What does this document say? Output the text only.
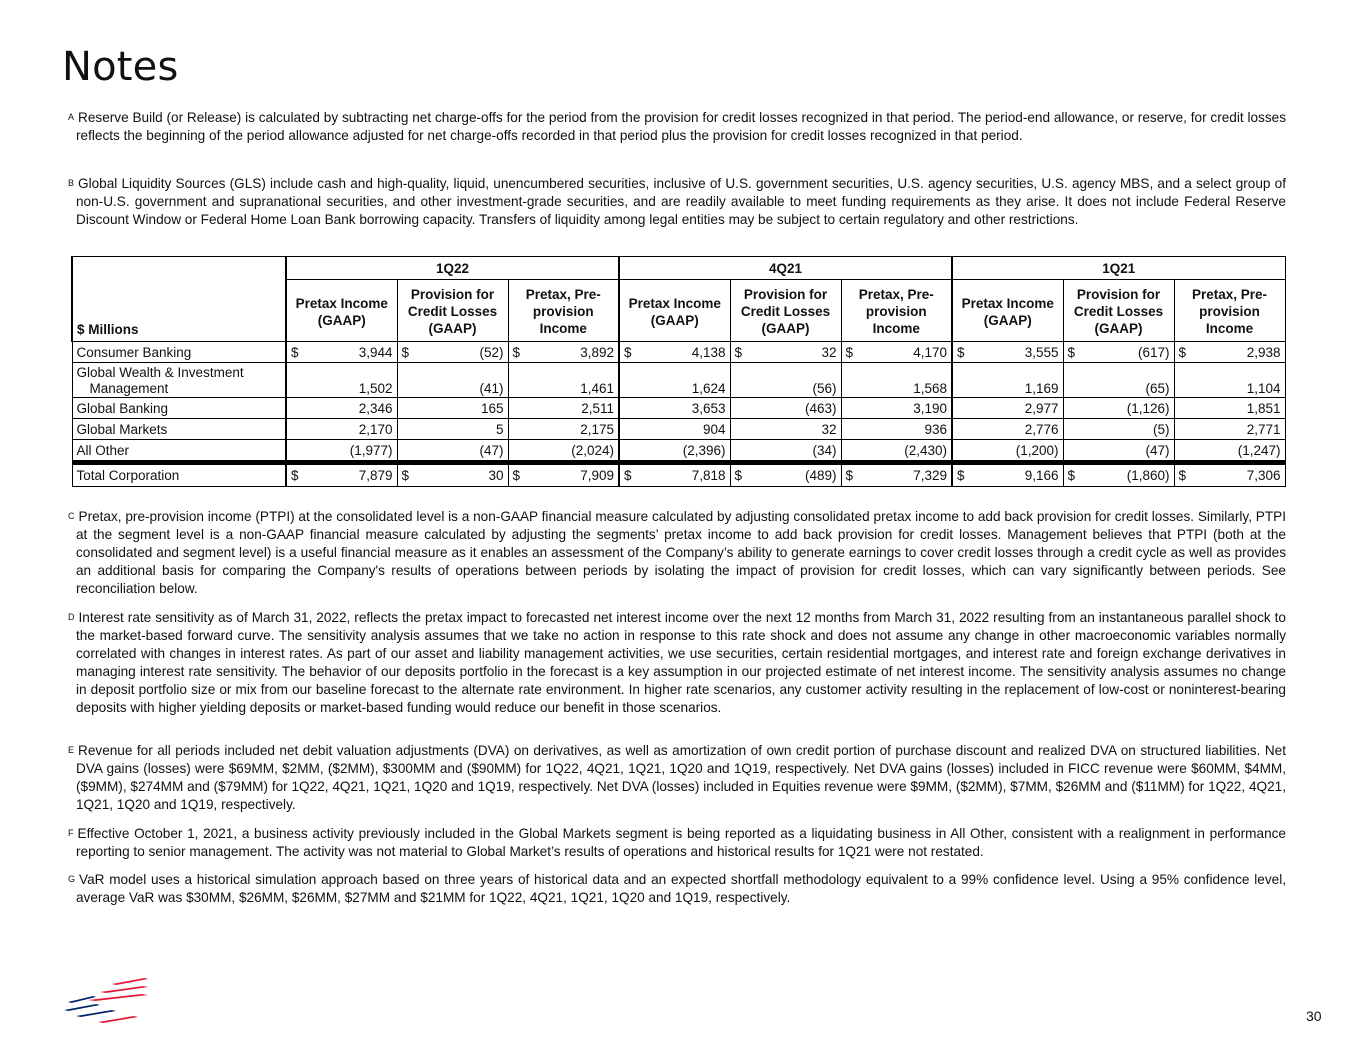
Notes

$^A$ Reserve Build (or Release) is calculated by subtracting net charge-offs for the period from the provision for credit losses recognized in that period. The period-end allowance, or reserve, for credit losses reflects the beginning of the period allowance adjusted for net charge-offs recorded in that period plus the provision for credit losses recognized in that period.

$^B$ Global Liquidity Sources (GLS) include cash and high-quality, liquid, unencumbered securities, inclusive of U.S. government securities, U.S. agency securities, U.S. agency MBS, and a select group of non-U.S. government and supranational securities, and other investment-grade securities, and are readily available to meet funding requirements as they arise. It does not include Federal Reserve Discount Window or Federal Home Loan Bank borrowing capacity. Transfers of liquidity among legal entities may be subject to certain regulatory and other restrictions.

$ Millions	1Q22			4Q21			1Q21		
	Pretax Income (GAAP)	Provision for Credit Losses (GAAP)	Pretax, Pre-provision Income	Pretax Income (GAAP)	Provision for Credit Losses (GAAP)	Pretax, Pre-provision Income	Pretax Income (GAAP)	Provision for Credit Losses (GAAP)	Pretax, Pre-provision Income
Consumer Banking	$ 3,944	$ (52)	$ 3,892	$ 4,138	$ 32	$ 4,170	$ 3,555	$ (617)	$ 2,938
Global Wealth & Investment
Management	1,502	(41)	1,461	1,624	(56)	1,568	1,169	(65)	1,104
Global Banking	2,346	165	2,511	3,653	(463)	3,190	2,977	(1,126)	1,851
Global Markets	2,170	5	2,175	904	32	936	2,776	(5)	2,771
All Other	(1,977)	(47)	(2,024)	(2,396)	(34)	(2,430)	(1,200)	(47)	(1,247)
Total Corporation	$ 7,879	$ 30	$ 7,909	$ 7,818	$ (489)	$ 7,329	$ 9,166	$ (1,860)	$ 7,306

$^C$ Pretax, pre-provision income (PTPI) at the consolidated level is a non-GAAP financial measure calculated by adjusting consolidated pretax income to add back provision for credit losses. Similarly, PTPI at the segment level is a non-GAAP financial measure calculated by adjusting the segments’ pretax income to add back provision for credit losses. Management believes that PTPI (both at the consolidated and segment level) is a useful financial measure as it enables an assessment of the Company’s ability to generate earnings to cover credit losses through a credit cycle as well as provides an additional basis for comparing the Company's results of operations between periods by isolating the impact of provision for credit losses, which can vary significantly between periods. See reconciliation below.

$^D$ Interest rate sensitivity as of March 31, 2022, reflects the pretax impact to forecasted net interest income over the next 12 months from March 31, 2022 resulting from an instantaneous parallel shock to the market-based forward curve. The sensitivity analysis assumes that we take no action in response to this rate shock and does not assume any change in other macroeconomic variables normally correlated with changes in interest rates. As part of our asset and liability management activities, we use securities, certain residential mortgages, and interest rate and foreign exchange derivatives in managing interest rate sensitivity. The behavior of our deposits portfolio in the forecast is a key assumption in our projected estimate of net interest income. The sensitivity analysis assumes no change in deposit portfolio size or mix from our baseline forecast to the alternate rate environment. In higher rate scenarios, any customer activity resulting in the replacement of low-cost or noninterest-bearing deposits with higher yielding deposits or market-based funding would reduce our benefit in those scenarios.

$^E$ Revenue for all periods included net debit valuation adjustments (DVA) on derivatives, as well as amortization of own credit portion of purchase discount and realized DVA on structured liabilities. Net DVA gains (losses) were $69MM, $2MM, ($2MM), $300MM and ($90MM) for 1Q22, 4Q21, 1Q21, 1Q20 and 1Q19, respectively. Net DVA gains (losses) included in FICC revenue were $60MM, $4MM, ($9MM), $274MM and ($79MM) for 1Q22, 4Q21, 1Q21, 1Q20 and 1Q19, respectively. Net DVA (losses) included in Equities revenue were $9MM, ($2MM), $7MM, $26MM and ($11MM) for 1Q22, 4Q21, 1Q21, 1Q20 and 1Q19, respectively.

$^F$ Effective October 1, 2021, a business activity previously included in the Global Markets segment is being reported as a liquidating business in All Other, consistent with a realignment in performance reporting to senior management. The activity was not material to Global Market’s results of operations and historical results for 1Q21 were not restated.

$^G$ VaR model uses a historical simulation approach based on three years of historical data and an expected shortfall methodology equivalent to a 99% confidence level. Using a 95% confidence level, average VaR was $30MM, $26MM, $26MM, $27MM and $21MM for 1Q22, 4Q21, 1Q21, 1Q20 and 1Q19, respectively.

30
